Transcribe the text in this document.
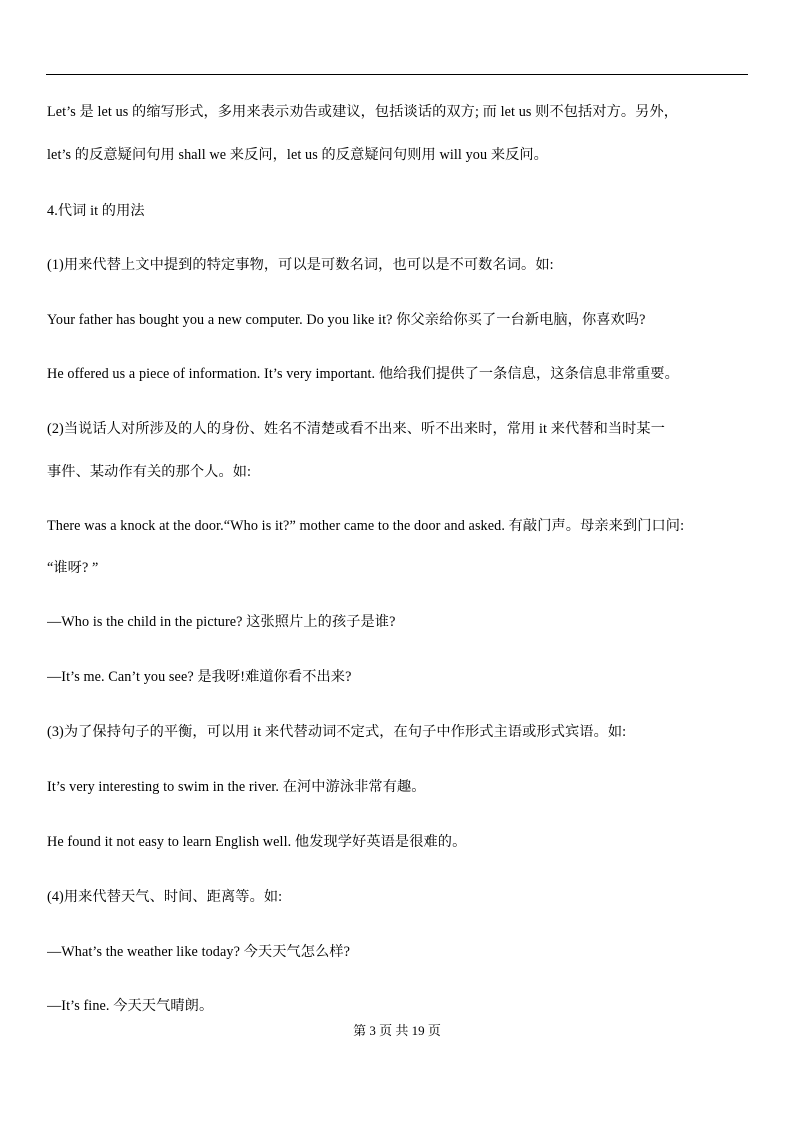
Let’s 是 let us 的缩写形式，多用来表示劝告或建议，包括谈话的双方; 而 let us 则不包括对方。另外，
let’s 的反意疑问句用 shall we 来反问，let us 的反意疑问句则用 will you 来反问。
4.代词 it 的用法
(1)用来代替上文中提到的特定事物，可以是可数名词，也可以是不可数名词。如:
Your father has bought you a new computer. Do you like it? 你父亲给你买了一台新电脑，你喜欢吗?
He offered us a piece of information. It’s very important. 他给我们提供了一条信息，这条信息非常重要。
(2)当说话人对所涉及的人的身份、姓名不清楚或看不出来、听不出来时，常用 it 来代替和当时某一
事件、某动作有关的那个人。如:
There was a knock at the door.“Who is it?” mother came to the door and asked. 有敲门声。母亲来到门口问:
“谁呀? ”
—Who is the child in the picture? 这张照片上的孩子是谁?
—It’s me. Can’t you see? 是我呀!难道你看不出来?
(3)为了保持句子的平衡，可以用 it 来代替动词不定式，在句子中作形式主语或形式宾语。如:
It’s very interesting to swim in the river. 在河中游泳非常有趣。
He found it not easy to learn English well. 他发现学好英语是很难的。
(4)用来代替天气、时间、距离等。如:
—What’s the weather like today? 今天天气怎么样?
—It’s fine. 今天天气晴朗。
第 3 页 共 19 页
